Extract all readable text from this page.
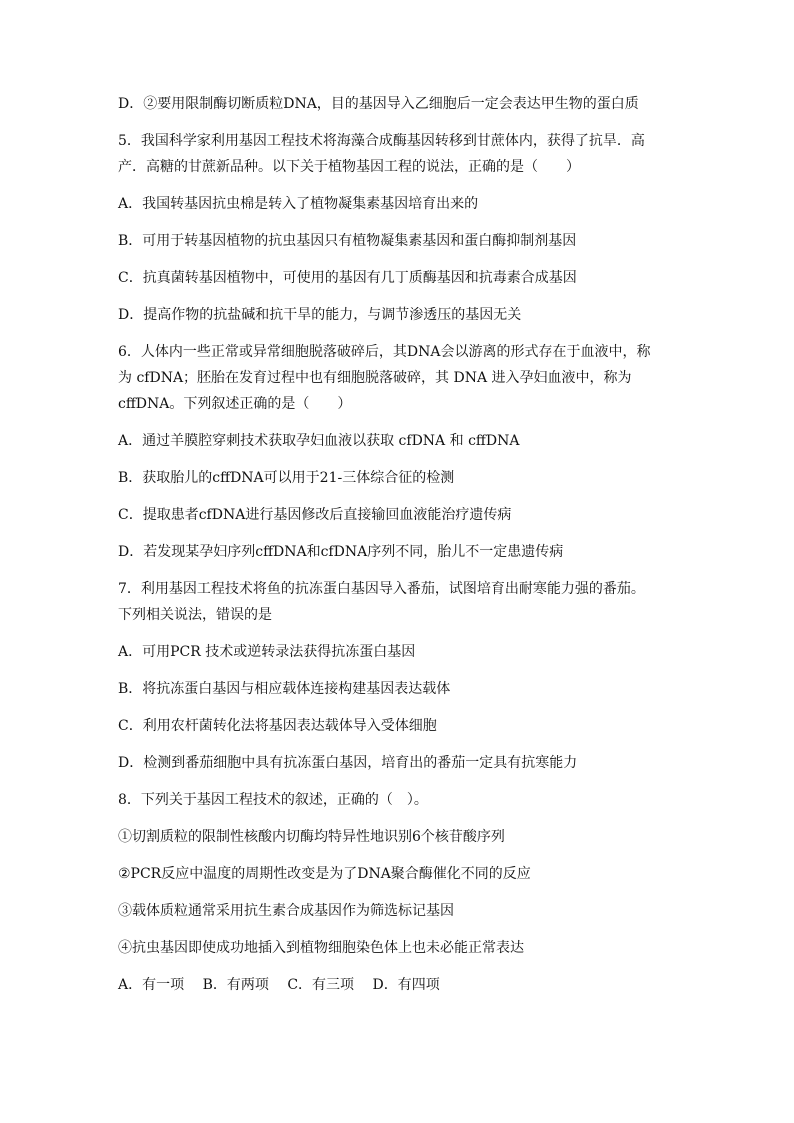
D．②要用限制酶切断质粒DNA，目的基因导入乙细胞后一定会表达甲生物的蛋白质

5．我国科学家利用基因工程技术将海藻合成酶基因转移到甘蔗体内，获得了抗旱．高

产．高糖的甘蔗新品种。以下关于植物基因工程的说法，正确的是（　　）

A．我国转基因抗虫棉是转入了植物凝集素基因培育出来的

B．可用于转基因植物的抗虫基因只有植物凝集素基因和蛋白酶抑制剂基因

C．抗真菌转基因植物中，可使用的基因有几丁质酶基因和抗毒素合成基因

D．提高作物的抗盐碱和抗干旱的能力，与调节渗透压的基因无关

6．人体内一些正常或异常细胞脱落破碎后，其DNA会以游离的形式存在于血液中，称

为 cfDNA；胚胎在发育过程中也有细胞脱落破碎，其 DNA 进入孕妇血液中，称为

cffDNA。下列叙述正确的是（　　）

A．通过羊膜腔穿刺技术获取孕妇血液以获取 cfDNA 和 cffDNA

B．获取胎儿的cffDNA可以用于21-三体综合征的检测

C．提取患者cfDNA进行基因修改后直接输回血液能治疗遗传病

D．若发现某孕妇序列cffDNA和cfDNA序列不同，胎儿不一定患遗传病

7．利用基因工程技术将鱼的抗冻蛋白基因导入番茄，试图培育出耐寒能力强的番茄。

下列相关说法，错误的是

A．可用PCR 技术或逆转录法获得抗冻蛋白基因

B．将抗冻蛋白基因与相应载体连接构建基因表达载体

C．利用农杆菌转化法将基因表达载体导入受体细胞

D．检测到番茄细胞中具有抗冻蛋白基因，培育出的番茄一定具有抗寒能力

8．下列关于基因工程技术的叙述，正确的（　）。

①切割质粒的限制性核酸内切酶均特异性地识别6个核苷酸序列

②PCR反应中温度的周期性改变是为了DNA聚合酶催化不同的反应

③载体质粒通常采用抗生素合成基因作为筛选标记基因

④抗虫基因即使成功地插入到植物细胞染色体上也未必能正常表达

A．有一项 B．有两项 C．有三项 D．有四项
